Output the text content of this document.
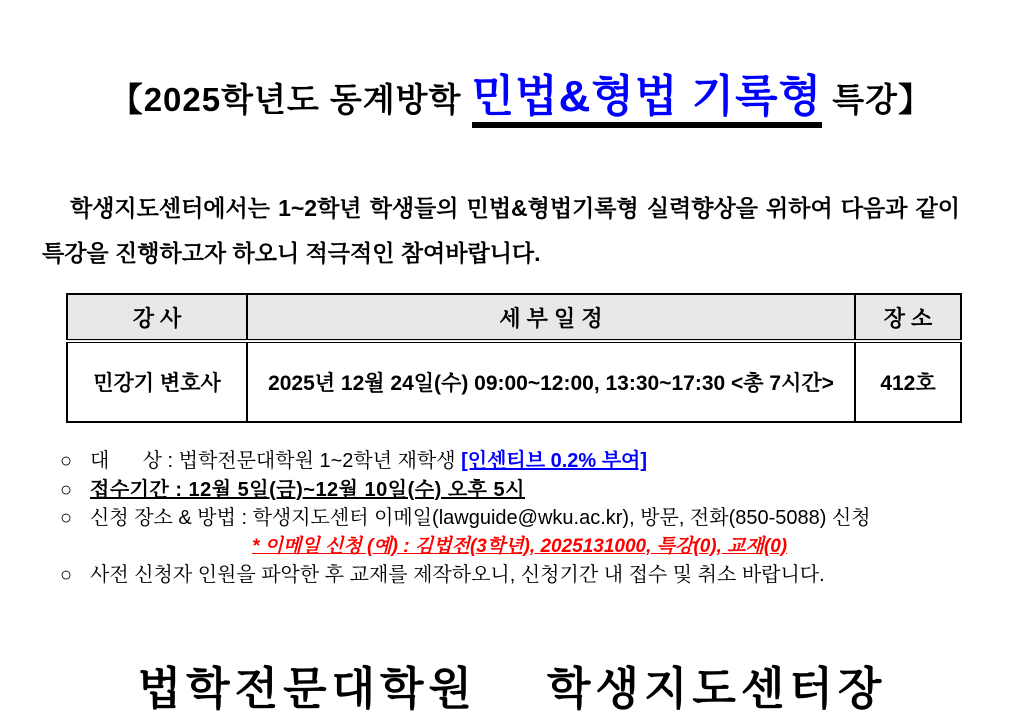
【2025학년도 동계방학 민법&형법 기록형 특강】

학생지도센터에서는 1~2학년 학생들의 민법&형법기록형 실력향상을 위하여 다음과 같이 특강을 진행하고자 하오니 적극적인 참여바랍니다.

강 사	세 부 일 정	장 소
민강기 변호사	2025년 12월 24일(수) 09:00~12:00, 13:30~17:30 <총 7시간>	412호
○ 대      상 : 법학전문대학원 1~2학년 재학생 [인센티브 0.2% 부여]
○ 접수기간 : 12월 5일(금)~12월 10일(수) 오후 5시
○ 신청 장소 & 방법 : 학생지도센터 이메일(lawguide@wku.ac.kr), 방문, 전화(850-5088) 신청
* 이메일 신청 (예) : 김법전(3학년), 2025131000, 특강(0), 교재(0)
○ 사전 신청자 인원을 파악한 후 교재를 제작하오니, 신청기간 내 접수 및 취소 바랍니다.
법학전문대학원    학생지도센터장
